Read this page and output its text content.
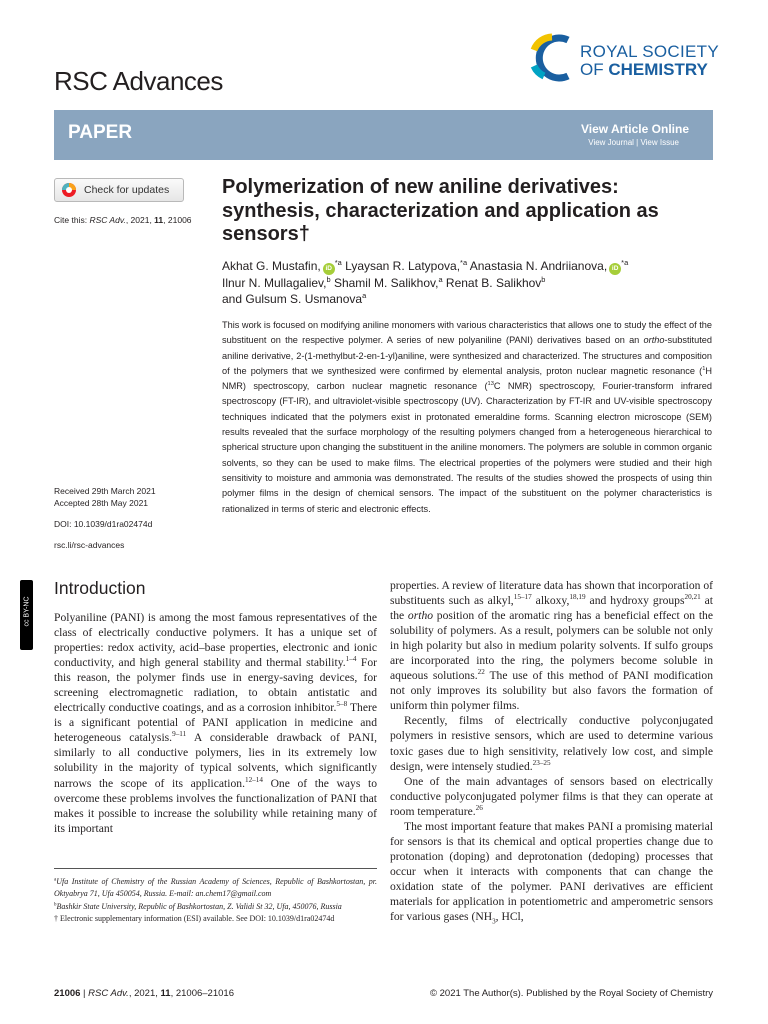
RSC Advances
ROYAL SOCIETY
OF CHEMISTRY
PAPER	View Article Online
View Journal | View Issue
Check for updates
Cite this: RSC Adv., 2021, 11, 21006
Polymerization of new aniline derivatives: synthesis, characterization and application as sensors†
Akhat G. Mustafin, $iD^{*a}$ Lyaysan R. Latypova,$^{*a}$ Anastasia N. Andriianova, $iD^{*a}$
Ilnur N. Mullagaliev,$^b$ Shamil M. Salikhov,$^a$ Renat B. Salikhov$^b$
and Gulsum S. Usmanova$^a$

This work is focused on modifying aniline monomers with various characteristics that allows one to study the effect of the substituent on the respective polymer. A series of new polyaniline (PANI) derivatives based on an ortho-substituted aniline derivative, 2-(1-methylbut-2-en-1-yl)aniline, were synthesized and characterized. The structures and composition of the polymers that we synthesized were confirmed by elemental analysis, proton nuclear magnetic resonance ($^1$H NMR) spectroscopy, carbon nuclear magnetic resonance ($^{13}$C NMR) spectroscopy, Fourier-transform infrared spectroscopy (FT-IR), and ultraviolet-visible spectroscopy (UV). Characterization by FT-IR and UV-visible spectroscopy techniques indicated that the polymers exist in protonated emeraldine forms. Scanning electron microscope (SEM) results revealed that the surface morphology of the resulting polymers changed from a heterogeneous hierarchical to spherical structure upon changing the substituent in the aniline monomers. The polymers are soluble in common organic solvents, so they can be used to make films. The electrical properties of the polymers were studied and their high sensitivity to moisture and ammonia was demonstrated. The results of the studies showed the prospects of using thin polymer films in the design of chemical sensors. The impact of the substituent on the polymer characteristics is rationalized in terms of steric and electronic effects.

Received 29th March 2021
Accepted 28th May 2021
DOI: 10.1039/d1ra02474d
rsc.li/rsc-advances
cc BY-NC
Introduction

Polyaniline (PANI) is among the most famous representatives of the class of electrically conductive polymers. It has a unique set of properties: redox activity, acid–base properties, electronic and ionic conductivity, and high general stability and thermal stability.$^{1-4}$ For this reason, the polymer finds use in energy-saving devices, for screening electromagnetic radiation, to obtain antistatic and electrically conductive coatings, and as a corrosion inhibitor.$^{5-8}$ There is a significant potential of PANI application in medicine and heterogeneous catalysis.$^{9-11}$ A considerable drawback of PANI, similarly to all conductive polymers, lies in its extremely low solubility in the majority of typical solvents, which significantly narrows the scope of its application.$^{12-14}$ One of the ways to overcome these problems involves the functionalization of PANI that makes it possible to increase the solubility while retaining many of its important

properties. A review of literature data has shown that incorporation of substituents such as alkyl,$^{15-17}$ alkoxy,$^{18,19}$ and hydroxy groups$^{20,21}$ at the ortho position of the aromatic ring has a beneficial effect on the solubility of polymers. As a result, polymers can be soluble not only in high polarity but also in medium polarity solvents. If sulfo groups are incorporated into the ring, the polymers become soluble in aqueous solutions.$^{22}$ The use of this method of PANI modification not only improves its solubility but also favors the formation of uniform thin polymer films.

Recently, films of electrically conductive polyconjugated polymers in resistive sensors, which are used to determine various toxic gases due to high sensitivity, relatively low cost, and simple design, were intensely studied.$^{23-25}$

One of the main advantages of sensors based on electrically conductive polyconjugated polymer films is that they can operate at room temperature.$^{26}$

The most important feature that makes PANI a promising material for sensors is that its chemical and optical properties change due to protonation (doping) and deprotonation (dedoping) processes that occur when it interacts with components that can change the oxidation state of the polymer. PANI derivatives are efficient materials for application in potentiometric and amperometric sensors for various gases ($NH_3$, HCl,

$^a$Ufa Institute of Chemistry of the Russian Academy of Sciences, Republic of Bashkortostan, pr. Oktyabrya 71, Ufa 450054, Russia. E-mail: an.chem17@gmail.com

$^b$Bashkir State University, Republic of Bashkortostan, Z. Validi St 32, Ufa, 450076, Russia

† Electronic supplementary information (ESI) available. See DOI: 10.1039/d1ra02474d

21006 | RSC Adv., 2021, 11, 21006–21016	© 2021 The Author(s). Published by the Royal Society of Chemistry
